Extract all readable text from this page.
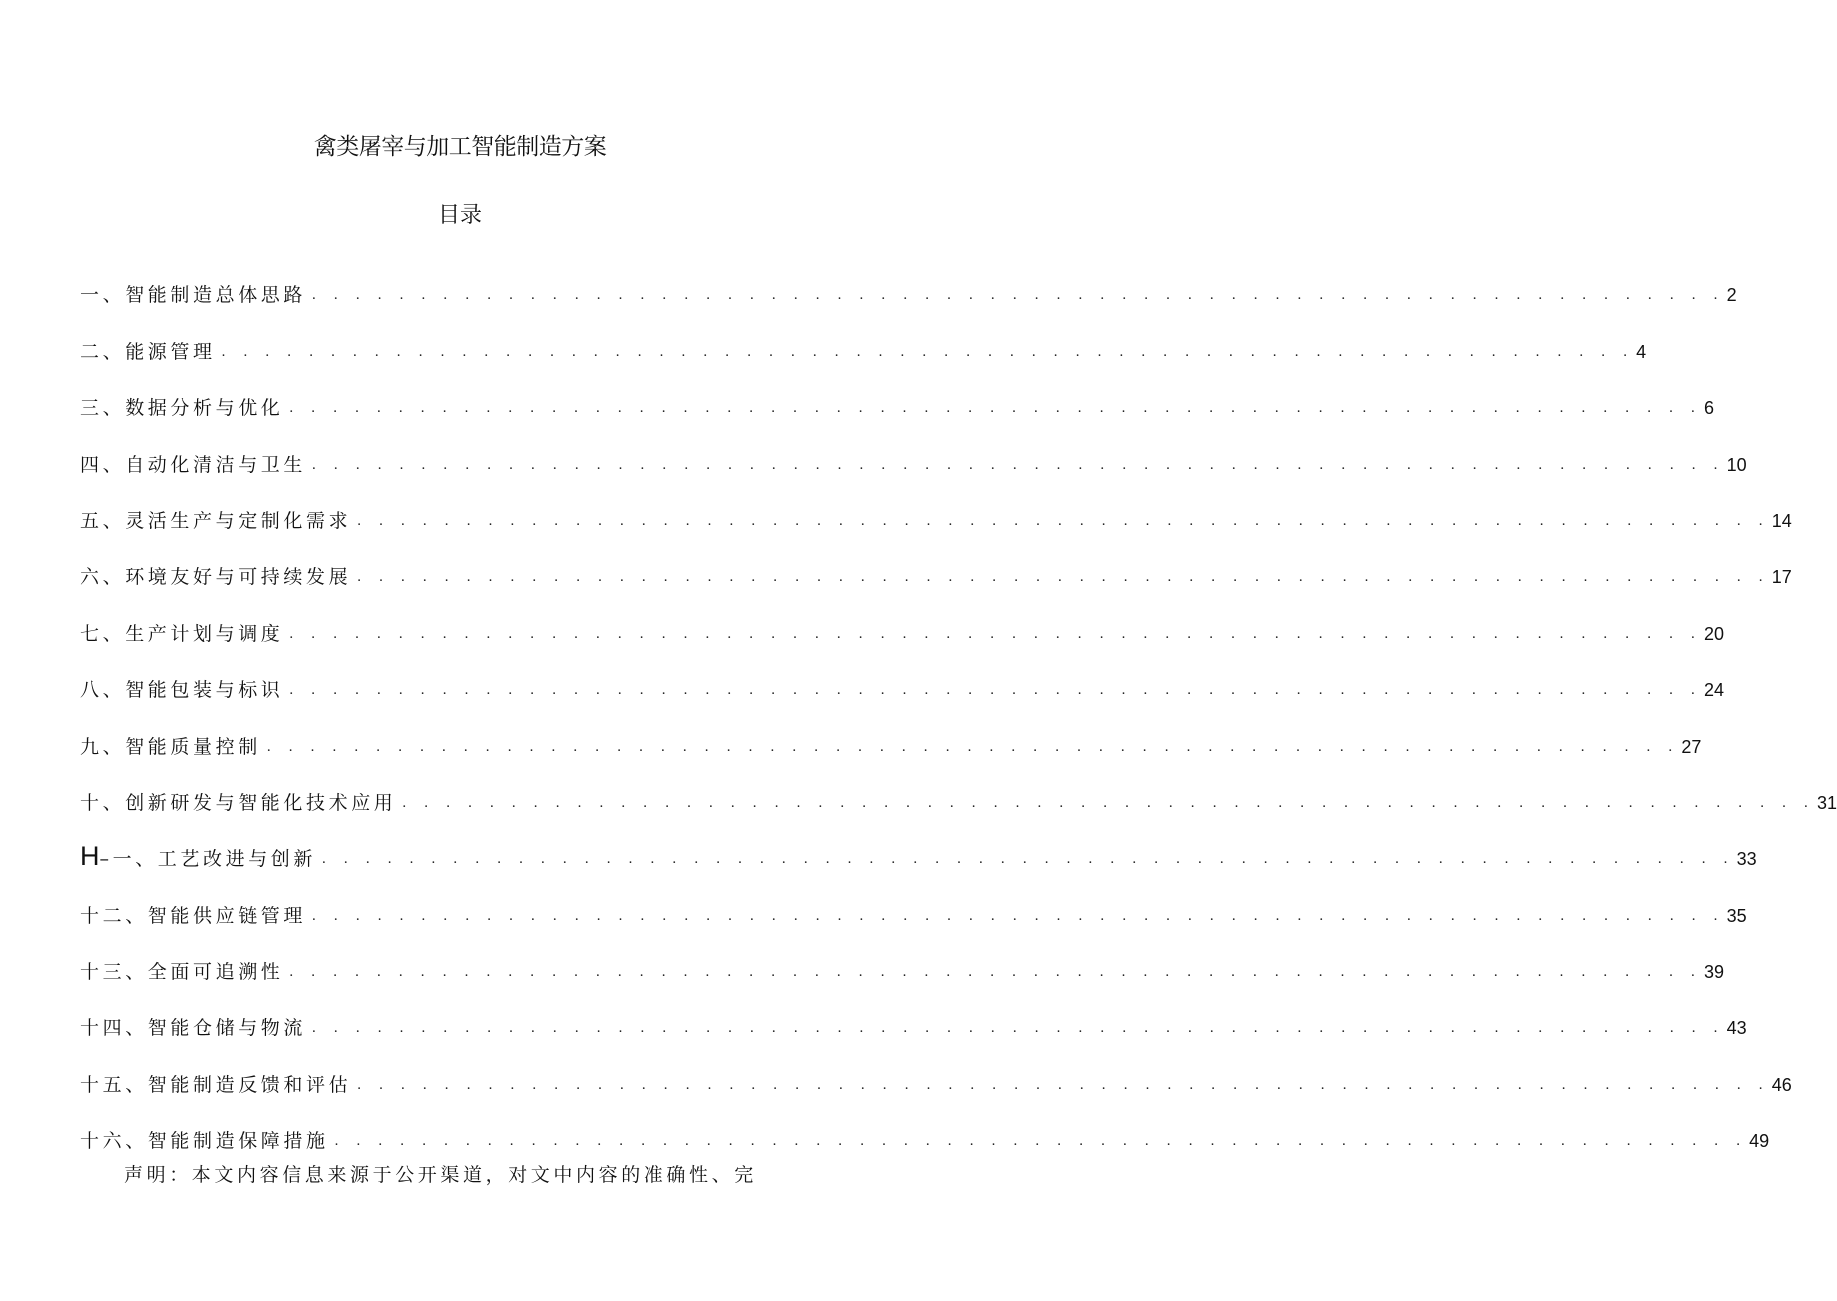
禽类屠宰与加工智能制造方案
目录
一、智能制造总体思路 . . . . . . . . . . . . . . . . . . . . . . . . . . . . . . . . . . . . . . . . . . . . . . . . . . . . . . . . . . . . . . . . . 2
二、能源管理 . . . . . . . . . . . . . . . . . . . . . . . . . . . . . . . . . . . . . . . . . . . . . . . . . . . . . . . . . . . . . . . . . 4
三、数据分析与优化 . . . . . . . . . . . . . . . . . . . . . . . . . . . . . . . . . . . . . . . . . . . . . . . . . . . . . . . . . . . . . . . . . 6
四、自动化清洁与卫生 . . . . . . . . . . . . . . . . . . . . . . . . . . . . . . . . . . . . . . . . . . . . . . . . . . . . . . . . . . . . . . . . . 10
五、灵活生产与定制化需求 . . . . . . . . . . . . . . . . . . . . . . . . . . . . . . . . . . . . . . . . . . . . . . . . . . . . . . . . . . . . . . . . . 14
六、环境友好与可持续发展 . . . . . . . . . . . . . . . . . . . . . . . . . . . . . . . . . . . . . . . . . . . . . . . . . . . . . . . . . . . . . . . . . 17
七、生产计划与调度 . . . . . . . . . . . . . . . . . . . . . . . . . . . . . . . . . . . . . . . . . . . . . . . . . . . . . . . . . . . . . . . . . 20
八、智能包装与标识 . . . . . . . . . . . . . . . . . . . . . . . . . . . . . . . . . . . . . . . . . . . . . . . . . . . . . . . . . . . . . . . . . 24
九、智能质量控制 . . . . . . . . . . . . . . . . . . . . . . . . . . . . . . . . . . . . . . . . . . . . . . . . . . . . . . . . . . . . . . . . . 27
十、创新研发与智能化技术应用 . . . . . . . . . . . . . . . . . . . . . . . . . . . . . . . . . . . . . . . . . . . . . . . . . . . . . . . . . . . . . . . . . 31
H–一、工艺改进与创新 . . . . . . . . . . . . . . . . . . . . . . . . . . . . . . . . . . . . . . . . . . . . . . . . . . . . . . . . . . . . . . . . . 33
十二、智能供应链管理 . . . . . . . . . . . . . . . . . . . . . . . . . . . . . . . . . . . . . . . . . . . . . . . . . . . . . . . . . . . . . . . . . 35
十三、全面可追溯性 . . . . . . . . . . . . . . . . . . . . . . . . . . . . . . . . . . . . . . . . . . . . . . . . . . . . . . . . . . . . . . . . . 39
十四、智能仓储与物流 . . . . . . . . . . . . . . . . . . . . . . . . . . . . . . . . . . . . . . . . . . . . . . . . . . . . . . . . . . . . . . . . . 43
十五、智能制造反馈和评估 . . . . . . . . . . . . . . . . . . . . . . . . . . . . . . . . . . . . . . . . . . . . . . . . . . . . . . . . . . . . . . . . . 46
十六、智能制造保障措施 . . . . . . . . . . . . . . . . . . . . . . . . . . . . . . . . . . . . . . . . . . . . . . . . . . . . . . . . . . . . . . . . . 49
声明：本文内容信息来源于公开渠道，对文中内容的准确性、完
